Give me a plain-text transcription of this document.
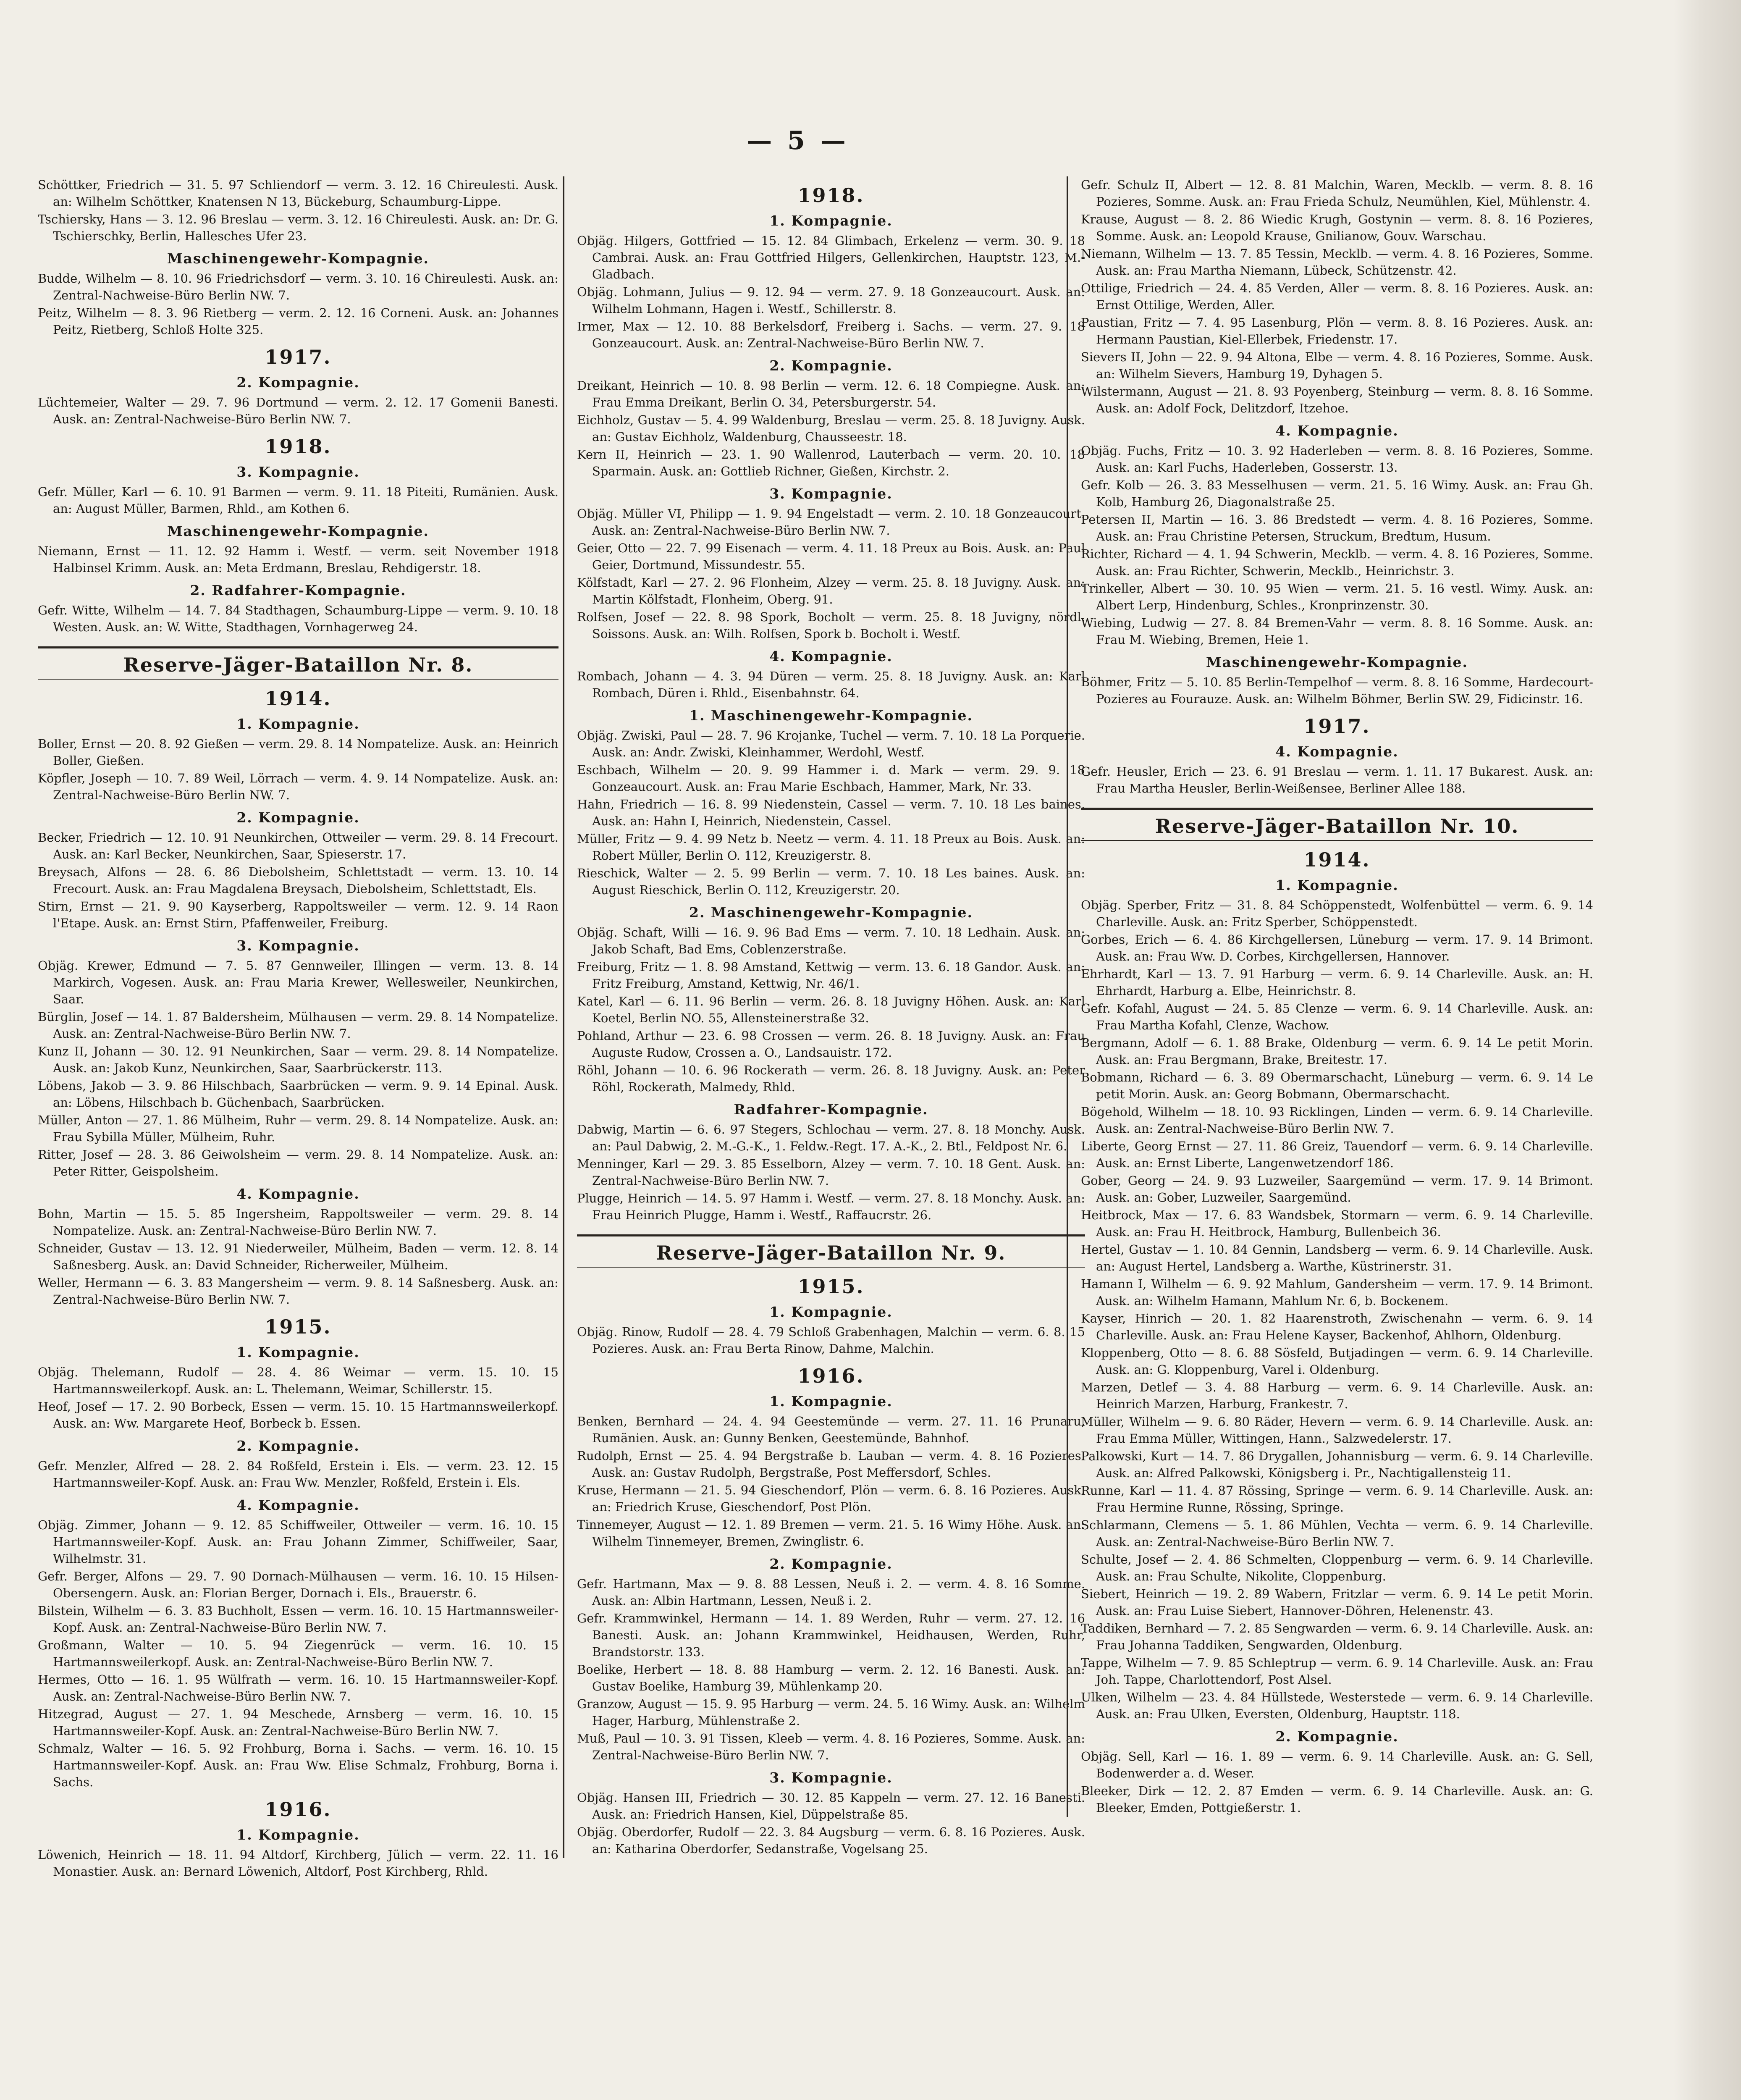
— 5 —
Schöttker, Friedrich — 31. 5. 97 Schliendorf — verm. 3. 12. 16 Chireulesti. Ausk. an: Wilhelm Schöttker, Knatensen N 13, Bückeburg, Schaumburg-Lippe.
Tschiersky, Hans — 3. 12. 96 Breslau — verm. 3. 12. 16 Chireulesti. Ausk. an: Dr. G. Tschierschky, Berlin, Hallesches Ufer 23.
Maschinengewehr-Kompagnie.
Budde, Wilhelm — 8. 10. 96 Friedrichsdorf — verm. 3. 10. 16 Chireulesti. Ausk. an: Zentral-Nachweise-Büro Berlin NW. 7.
Peitz, Wilhelm — 8. 3. 96 Rietberg — verm. 2. 12. 16 Corneni. Ausk. an: Johannes Peitz, Rietberg, Schloß Holte 325.
1917.
2. Kompagnie.
Lüchtemeier, Walter — 29. 7. 96 Dortmund — verm. 2. 12. 17 Gomenii Banesti. Ausk. an: Zentral-Nachweise-Büro Berlin NW. 7.
1918.
3. Kompagnie.
Gefr. Müller, Karl — 6. 10. 91 Barmen — verm. 9. 11. 18 Piteiti, Rumänien. Ausk. an: August Müller, Barmen, Rhld., am Kothen 6.
Maschinengewehr-Kompagnie.
Niemann, Ernst — 11. 12. 92 Hamm i. Westf. — verm. seit November 1918 Halbinsel Krimm. Ausk. an: Meta Erdmann, Breslau, Rehdigerstr. 18.
2. Radfahrer-Kompagnie.
Gefr. Witte, Wilhelm — 14. 7. 84 Stadthagen, Schaumburg-Lippe — verm. 9. 10. 18 Westen. Ausk. an: W. Witte, Stadthagen, Vornhagerweg 24.
Reserve-Jäger-Bataillon Nr. 8.
1914.
1. Kompagnie.
Boller, Ernst — 20. 8. 92 Gießen — verm. 29. 8. 14 Nompatelize. Ausk. an: Heinrich Boller, Gießen.
Köpfler, Joseph — 10. 7. 89 Weil, Lörrach — verm. 4. 9. 14 Nompatelize. Ausk. an: Zentral-Nachweise-Büro Berlin NW. 7.
2. Kompagnie.
Becker, Friedrich — 12. 10. 91 Neunkirchen, Ottweiler — verm. 29. 8. 14 Frecourt. Ausk. an: Karl Becker, Neunkirchen, Saar, Spieserstr. 17.
Breysach, Alfons — 28. 6. 86 Diebolsheim, Schlettstadt — verm. 13. 10. 14 Frecourt. Ausk. an: Frau Magdalena Breysach, Diebolsheim, Schlettstadt, Els.
Stirn, Ernst — 21. 9. 90 Kayserberg, Rappoltsweiler — verm. 12. 9. 14 Raon l'Etape. Ausk. an: Ernst Stirn, Pfaffenweiler, Freiburg.
3. Kompagnie.
Objäg. Krewer, Edmund — 7. 5. 87 Gennweiler, Illingen — verm. 13. 8. 14 Markirch, Vogesen. Ausk. an: Frau Maria Krewer, Wellesweiler, Neunkirchen, Saar.
Bürglin, Josef — 14. 1. 87 Baldersheim, Mülhausen — verm. 29. 8. 14 Nompatelize. Ausk. an: Zentral-Nachweise-Büro Berlin NW. 7.
Kunz II, Johann — 30. 12. 91 Neunkirchen, Saar — verm. 29. 8. 14 Nompatelize. Ausk. an: Jakob Kunz, Neunkirchen, Saar, Saarbrückerstr. 113.
Löbens, Jakob — 3. 9. 86 Hilschbach, Saarbrücken — verm. 9. 9. 14 Epinal. Ausk. an: Löbens, Hilschbach b. Güchenbach, Saarbrücken.
Müller, Anton — 27. 1. 86 Mülheim, Ruhr — verm. 29. 8. 14 Nompatelize. Ausk. an: Frau Sybilla Müller, Mülheim, Ruhr.
Ritter, Josef — 28. 3. 86 Geiwolsheim — verm. 29. 8. 14 Nompatelize. Ausk. an: Peter Ritter, Geispolsheim.
4. Kompagnie.
Bohn, Martin — 15. 5. 85 Ingersheim, Rappoltsweiler — verm. 29. 8. 14 Nompatelize. Ausk. an: Zentral-Nachweise-Büro Berlin NW. 7.
Schneider, Gustav — 13. 12. 91 Niederweiler, Mülheim, Baden — verm. 12. 8. 14 Saßnesberg. Ausk. an: David Schneider, Richerweiler, Mülheim.
Weller, Hermann — 6. 3. 83 Mangersheim — verm. 9. 8. 14 Saßnesberg. Ausk. an: Zentral-Nachweise-Büro Berlin NW. 7.
1915.
1. Kompagnie.
Objäg. Thelemann, Rudolf — 28. 4. 86 Weimar — verm. 15. 10. 15 Hartmannsweilerkopf. Ausk. an: L. Thelemann, Weimar, Schillerstr. 15.
Heof, Josef — 17. 2. 90 Borbeck, Essen — verm. 15. 10. 15 Hartmannsweilerkopf. Ausk. an: Ww. Margarete Heof, Borbeck b. Essen.
2. Kompagnie.
Gefr. Menzler, Alfred — 28. 2. 84 Roßfeld, Erstein i. Els. — verm. 23. 12. 15 Hartmannsweiler-Kopf. Ausk. an: Frau Ww. Menzler, Roßfeld, Erstein i. Els.
4. Kompagnie.
Objäg. Zimmer, Johann — 9. 12. 85 Schiffweiler, Ottweiler — verm. 16. 10. 15 Hartmannsweiler-Kopf. Ausk. an: Frau Johann Zimmer, Schiffweiler, Saar, Wilhelmstr. 31.
Gefr. Berger, Alfons — 29. 7. 90 Dornach-Mülhausen — verm. 16. 10. 15 Hilsen-Obersengern. Ausk. an: Florian Berger, Dornach i. Els., Brauerstr. 6.
Bilstein, Wilhelm — 6. 3. 83 Buchholt, Essen — verm. 16. 10. 15 Hartmannsweiler-Kopf. Ausk. an: Zentral-Nachweise-Büro Berlin NW. 7.
Großmann, Walter — 10. 5. 94 Ziegenrück — verm. 16. 10. 15 Hartmannsweilerkopf. Ausk. an: Zentral-Nachweise-Büro Berlin NW. 7.
Hermes, Otto — 16. 1. 95 Wülfrath — verm. 16. 10. 15 Hartmannsweiler-Kopf. Ausk. an: Zentral-Nachweise-Büro Berlin NW. 7.
Hitzegrad, August — 27. 1. 94 Meschede, Arnsberg — verm. 16. 10. 15 Hartmannsweiler-Kopf. Ausk. an: Zentral-Nachweise-Büro Berlin NW. 7.
Schmalz, Walter — 16. 5. 92 Frohburg, Borna i. Sachs. — verm. 16. 10. 15 Hartmannsweiler-Kopf. Ausk. an: Frau Ww. Elise Schmalz, Frohburg, Borna i. Sachs.
1916.
1. Kompagnie.
Löwenich, Heinrich — 18. 11. 94 Altdorf, Kirchberg, Jülich — verm. 22. 11. 16 Monastier. Ausk. an: Bernard Löwenich, Altdorf, Post Kirchberg, Rhld.
1918.
1. Kompagnie.
Objäg. Hilgers, Gottfried — 15. 12. 84 Glimbach, Erkelenz — verm. 30. 9. 18 Cambrai. Ausk. an: Frau Gottfried Hilgers, Gellenkirchen, Hauptstr. 123, M.-Gladbach.
Objäg. Lohmann, Julius — 9. 12. 94 — verm. 27. 9. 18 Gonzeaucourt. Ausk. an: Wilhelm Lohmann, Hagen i. Westf., Schillerstr. 8.
Irmer, Max — 12. 10. 88 Berkelsdorf, Freiberg i. Sachs. — verm. 27. 9. 18 Gonzeaucourt. Ausk. an: Zentral-Nachweise-Büro Berlin NW. 7.
2. Kompagnie.
Dreikant, Heinrich — 10. 8. 98 Berlin — verm. 12. 6. 18 Compiegne. Ausk. an: Frau Emma Dreikant, Berlin O. 34, Petersburgerstr. 54.
Eichholz, Gustav — 5. 4. 99 Waldenburg, Breslau — verm. 25. 8. 18 Juvigny. Ausk. an: Gustav Eichholz, Waldenburg, Chausseestr. 18.
Kern II, Heinrich — 23. 1. 90 Wallenrod, Lauterbach — verm. 20. 10. 18 Sparmain. Ausk. an: Gottlieb Richner, Gießen, Kirchstr. 2.
3. Kompagnie.
Objäg. Müller VI, Philipp — 1. 9. 94 Engelstadt — verm. 2. 10. 18 Gonzeaucourt. Ausk. an: Zentral-Nachweise-Büro Berlin NW. 7.
Geier, Otto — 22. 7. 99 Eisenach — verm. 4. 11. 18 Preux au Bois. Ausk. an: Paul Geier, Dortmund, Missundestr. 55.
Kölfstadt, Karl — 27. 2. 96 Flonheim, Alzey — verm. 25. 8. 18 Juvigny. Ausk. an: Martin Kölfstadt, Flonheim, Oberg. 91.
Rolfsen, Josef — 22. 8. 98 Spork, Bocholt — verm. 25. 8. 18 Juvigny, nördl. Soissons. Ausk. an: Wilh. Rolfsen, Spork b. Bocholt i. Westf.
4. Kompagnie.
Rombach, Johann — 4. 3. 94 Düren — verm. 25. 8. 18 Juvigny. Ausk. an: Karl Rombach, Düren i. Rhld., Eisenbahnstr. 64.
1. Maschinengewehr-Kompagnie.
Objäg. Zwiski, Paul — 28. 7. 96 Krojanke, Tuchel — verm. 7. 10. 18 La Porquerie. Ausk. an: Andr. Zwiski, Kleinhammer, Werdohl, Westf.
Eschbach, Wilhelm — 20. 9. 99 Hammer i. d. Mark — verm. 29. 9. 18 Gonzeaucourt. Ausk. an: Frau Marie Eschbach, Hammer, Mark, Nr. 33.
Hahn, Friedrich — 16. 8. 99 Niedenstein, Cassel — verm. 7. 10. 18 Les baines. Ausk. an: Hahn I, Heinrich, Niedenstein, Cassel.
Müller, Fritz — 9. 4. 99 Netz b. Neetz — verm. 4. 11. 18 Preux au Bois. Ausk. an: Robert Müller, Berlin O. 112, Kreuzigerstr. 8.
Rieschick, Walter — 2. 5. 99 Berlin — verm. 7. 10. 18 Les baines. Ausk. an: August Rieschick, Berlin O. 112, Kreuzigerstr. 20.
2. Maschinengewehr-Kompagnie.
Objäg. Schaft, Willi — 16. 9. 96 Bad Ems — verm. 7. 10. 18 Ledhain. Ausk. an: Jakob Schaft, Bad Ems, Coblenzerstraße.
Freiburg, Fritz — 1. 8. 98 Amstand, Kettwig — verm. 13. 6. 18 Gandor. Ausk. an: Fritz Freiburg, Amstand, Kettwig, Nr. 46/1.
Katel, Karl — 6. 11. 96 Berlin — verm. 26. 8. 18 Juvigny Höhen. Ausk. an: Karl Koetel, Berlin NO. 55, Allensteinerstraße 32.
Pohland, Arthur — 23. 6. 98 Crossen — verm. 26. 8. 18 Juvigny. Ausk. an: Frau Auguste Rudow, Crossen a. O., Landsauistr. 172.
Röhl, Johann — 10. 6. 96 Rockerath — verm. 26. 8. 18 Juvigny. Ausk. an: Peter Röhl, Rockerath, Malmedy, Rhld.
Radfahrer-Kompagnie.
Dabwig, Martin — 6. 6. 97 Stegers, Schlochau — verm. 27. 8. 18 Monchy. Ausk. an: Paul Dabwig, 2. M.-G.-K., 1. Feldw.-Regt. 17. A.-K., 2. Btl., Feldpost Nr. 6.
Menninger, Karl — 29. 3. 85 Esselborn, Alzey — verm. 7. 10. 18 Gent. Ausk. an: Zentral-Nachweise-Büro Berlin NW. 7.
Plugge, Heinrich — 14. 5. 97 Hamm i. Westf. — verm. 27. 8. 18 Monchy. Ausk. an: Frau Heinrich Plugge, Hamm i. Westf., Raffaucrstr. 26.
Reserve-Jäger-Bataillon Nr. 9.
1915.
1. Kompagnie.
Objäg. Rinow, Rudolf — 28. 4. 79 Schloß Grabenhagen, Malchin — verm. 6. 8. 15 Pozieres. Ausk. an: Frau Berta Rinow, Dahme, Malchin.
1916.
1. Kompagnie.
Benken, Bernhard — 24. 4. 94 Geestemünde — verm. 27. 11. 16 Prunaru, Rumänien. Ausk. an: Gunny Benken, Geestemünde, Bahnhof.
Rudolph, Ernst — 25. 4. 94 Bergstraße b. Lauban — verm. 4. 8. 16 Pozieres. Ausk. an: Gustav Rudolph, Bergstraße, Post Meffersdorf, Schles.
Kruse, Hermann — 21. 5. 94 Gieschendorf, Plön — verm. 6. 8. 16 Pozieres. Ausk. an: Friedrich Kruse, Gieschendorf, Post Plön.
Tinnemeyer, August — 12. 1. 89 Bremen — verm. 21. 5. 16 Wimy Höhe. Ausk. an: Wilhelm Tinnemeyer, Bremen, Zwinglistr. 6.
2. Kompagnie.
Gefr. Hartmann, Max — 9. 8. 88 Lessen, Neuß i. 2. — verm. 4. 8. 16 Somme. Ausk. an: Albin Hartmann, Lessen, Neuß i. 2.
Gefr. Krammwinkel, Hermann — 14. 1. 89 Werden, Ruhr — verm. 27. 12. 16 Banesti. Ausk. an: Johann Krammwinkel, Heidhausen, Werden, Ruhr, Brandstorstr. 133.
Boelike, Herbert — 18. 8. 88 Hamburg — verm. 2. 12. 16 Banesti. Ausk. an: Gustav Boelike, Hamburg 39, Mühlenkamp 20.
Granzow, August — 15. 9. 95 Harburg — verm. 24. 5. 16 Wimy. Ausk. an: Wilhelm Hager, Harburg, Mühlenstraße 2.
Muß, Paul — 10. 3. 91 Tissen, Kleeb — verm. 4. 8. 16 Pozieres, Somme. Ausk. an: Zentral-Nachweise-Büro Berlin NW. 7.
3. Kompagnie.
Objäg. Hansen III, Friedrich — 30. 12. 85 Kappeln — verm. 27. 12. 16 Banesti. Ausk. an: Friedrich Hansen, Kiel, Düppelstraße 85.
Objäg. Oberdorfer, Rudolf — 22. 3. 84 Augsburg — verm. 6. 8. 16 Pozieres. Ausk. an: Katharina Oberdorfer, Sedanstraße, Vogelsang 25.
Gefr. Schulz II, Albert — 12. 8. 81 Malchin, Waren, Mecklb. — verm. 8. 8. 16 Pozieres, Somme. Ausk. an: Frau Frieda Schulz, Neumühlen, Kiel, Mühlenstr. 4.
Krause, August — 8. 2. 86 Wiedic Krugh, Gostynin — verm. 8. 8. 16 Pozieres, Somme. Ausk. an: Leopold Krause, Gnilianow, Gouv. Warschau.
Niemann, Wilhelm — 13. 7. 85 Tessin, Mecklb. — verm. 4. 8. 16 Pozieres, Somme. Ausk. an: Frau Martha Niemann, Lübeck, Schützenstr. 42.
Ottilige, Friedrich — 24. 4. 85 Verden, Aller — verm. 8. 8. 16 Pozieres. Ausk. an: Ernst Ottilige, Werden, Aller.
Paustian, Fritz — 7. 4. 95 Lasenburg, Plön — verm. 8. 8. 16 Pozieres. Ausk. an: Hermann Paustian, Kiel-Ellerbek, Friedenstr. 17.
Sievers II, John — 22. 9. 94 Altona, Elbe — verm. 4. 8. 16 Pozieres, Somme. Ausk. an: Wilhelm Sievers, Hamburg 19, Dyhagen 5.
Wilstermann, August — 21. 8. 93 Poyenberg, Steinburg — verm. 8. 8. 16 Somme. Ausk. an: Adolf Fock, Delitzdorf, Itzehoe.
4. Kompagnie.
Objäg. Fuchs, Fritz — 10. 3. 92 Haderleben — verm. 8. 8. 16 Pozieres, Somme. Ausk. an: Karl Fuchs, Haderleben, Gosserstr. 13.
Gefr. Kolb — 26. 3. 83 Messelhusen — verm. 21. 5. 16 Wimy. Ausk. an: Frau Gh. Kolb, Hamburg 26, Diagonalstraße 25.
Petersen II, Martin — 16. 3. 86 Bredstedt — verm. 4. 8. 16 Pozieres, Somme. Ausk. an: Frau Christine Petersen, Struckum, Bredtum, Husum.
Richter, Richard — 4. 1. 94 Schwerin, Mecklb. — verm. 4. 8. 16 Pozieres, Somme. Ausk. an: Frau Richter, Schwerin, Mecklb., Heinrichstr. 3.
Trinkeller, Albert — 30. 10. 95 Wien — verm. 21. 5. 16 vestl. Wimy. Ausk. an: Albert Lerp, Hindenburg, Schles., Kronprinzenstr. 30.
Wiebing, Ludwig — 27. 8. 84 Bremen-Vahr — verm. 8. 8. 16 Somme. Ausk. an: Frau M. Wiebing, Bremen, Heie 1.
Maschinengewehr-Kompagnie.
Böhmer, Fritz — 5. 10. 85 Berlin-Tempelhof — verm. 8. 8. 16 Somme, Hardecourt-Pozieres au Fourauze. Ausk. an: Wilhelm Böhmer, Berlin SW. 29, Fidicinstr. 16.
1917.
4. Kompagnie.
Gefr. Heusler, Erich — 23. 6. 91 Breslau — verm. 1. 11. 17 Bukarest. Ausk. an: Frau Martha Heusler, Berlin-Weißensee, Berliner Allee 188.
Reserve-Jäger-Bataillon Nr. 10.
1914.
1. Kompagnie.
Objäg. Sperber, Fritz — 31. 8. 84 Schöppenstedt, Wolfenbüttel — verm. 6. 9. 14 Charleville. Ausk. an: Fritz Sperber, Schöppenstedt.
Gorbes, Erich — 6. 4. 86 Kirchgellersen, Lüneburg — verm. 17. 9. 14 Brimont. Ausk. an: Frau Ww. D. Corbes, Kirchgellersen, Hannover.
Ehrhardt, Karl — 13. 7. 91 Harburg — verm. 6. 9. 14 Charleville. Ausk. an: H. Ehrhardt, Harburg a. Elbe, Heinrichstr. 8.
Gefr. Kofahl, August — 24. 5. 85 Clenze — verm. 6. 9. 14 Charleville. Ausk. an: Frau Martha Kofahl, Clenze, Wachow.
Bergmann, Adolf — 6. 1. 88 Brake, Oldenburg — verm. 6. 9. 14 Le petit Morin. Ausk. an: Frau Bergmann, Brake, Breitestr. 17.
Bobmann, Richard — 6. 3. 89 Obermarschacht, Lüneburg — verm. 6. 9. 14 Le petit Morin. Ausk. an: Georg Bobmann, Obermarschacht.
Bögehold, Wilhelm — 18. 10. 93 Ricklingen, Linden — verm. 6. 9. 14 Charleville. Ausk. an: Zentral-Nachweise-Büro Berlin NW. 7.
Liberte, Georg Ernst — 27. 11. 86 Greiz, Tauendorf — verm. 6. 9. 14 Charleville. Ausk. an: Ernst Liberte, Langenwetzendorf 186.
Gober, Georg — 24. 9. 93 Luzweiler, Saargemünd — verm. 17. 9. 14 Brimont. Ausk. an: Gober, Luzweiler, Saargemünd.
Heitbrock, Max — 17. 6. 83 Wandsbek, Stormarn — verm. 6. 9. 14 Charleville. Ausk. an: Frau H. Heitbrock, Hamburg, Bullenbeich 36.
Hertel, Gustav — 1. 10. 84 Gennin, Landsberg — verm. 6. 9. 14 Charleville. Ausk. an: August Hertel, Landsberg a. Warthe, Küstrinerstr. 31.
Hamann I, Wilhelm — 6. 9. 92 Mahlum, Gandersheim — verm. 17. 9. 14 Brimont. Ausk. an: Wilhelm Hamann, Mahlum Nr. 6, b. Bockenem.
Kayser, Hinrich — 20. 1. 82 Haarenstroth, Zwischenahn — verm. 6. 9. 14 Charleville. Ausk. an: Frau Helene Kayser, Backenhof, Ahlhorn, Oldenburg.
Kloppenberg, Otto — 8. 6. 88 Sösfeld, Butjadingen — verm. 6. 9. 14 Charleville. Ausk. an: G. Kloppenburg, Varel i. Oldenburg.
Marzen, Detlef — 3. 4. 88 Harburg — verm. 6. 9. 14 Charleville. Ausk. an: Heinrich Marzen, Harburg, Frankestr. 7.
Müller, Wilhelm — 9. 6. 80 Räder, Hevern — verm. 6. 9. 14 Charleville. Ausk. an: Frau Emma Müller, Wittingen, Hann., Salzwedelerstr. 17.
Palkowski, Kurt — 14. 7. 86 Drygallen, Johannisburg — verm. 6. 9. 14 Charleville. Ausk. an: Alfred Palkowski, Königsberg i. Pr., Nachtigallensteig 11.
Runne, Karl — 11. 4. 87 Rössing, Springe — verm. 6. 9. 14 Charleville. Ausk. an: Frau Hermine Runne, Rössing, Springe.
Schlarmann, Clemens — 5. 1. 86 Mühlen, Vechta — verm. 6. 9. 14 Charleville. Ausk. an: Zentral-Nachweise-Büro Berlin NW. 7.
Schulte, Josef — 2. 4. 86 Schmelten, Cloppenburg — verm. 6. 9. 14 Charleville. Ausk. an: Frau Schulte, Nikolite, Cloppenburg.
Siebert, Heinrich — 19. 2. 89 Wabern, Fritzlar — verm. 6. 9. 14 Le petit Morin. Ausk. an: Frau Luise Siebert, Hannover-Döhren, Helenenstr. 43.
Taddiken, Bernhard — 7. 2. 85 Sengwarden — verm. 6. 9. 14 Charleville. Ausk. an: Frau Johanna Taddiken, Sengwarden, Oldenburg.
Tappe, Wilhelm — 7. 9. 85 Schleptrup — verm. 6. 9. 14 Charleville. Ausk. an: Frau Joh. Tappe, Charlottendorf, Post Alsel.
Ulken, Wilhelm — 23. 4. 84 Hüllstede, Westerstede — verm. 6. 9. 14 Charleville. Ausk. an: Frau Ulken, Eversten, Oldenburg, Hauptstr. 118.
2. Kompagnie.
Objäg. Sell, Karl — 16. 1. 89 — verm. 6. 9. 14 Charleville. Ausk. an: G. Sell, Bodenwerder a. d. Weser.
Bleeker, Dirk — 12. 2. 87 Emden — verm. 6. 9. 14 Charleville. Ausk. an: G. Bleeker, Emden, Pottgießerstr. 1.
